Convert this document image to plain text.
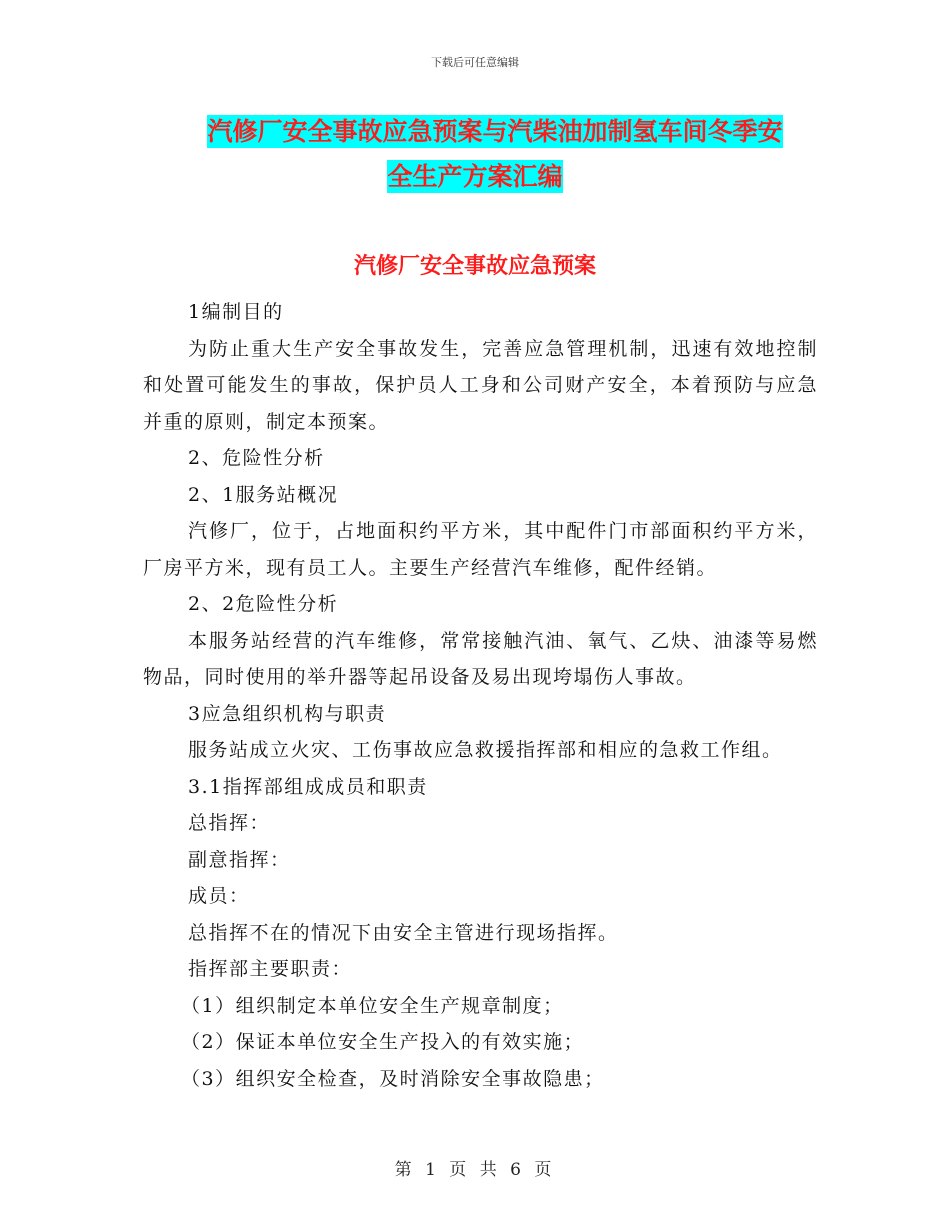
下载后可任意编辑
汽修厂安全事故应急预案与汽柴油加制氢车间冬季安
全生产方案汇编
汽修厂安全事故应急预案

1编制目的

为防止重大生产安全事故发生，完善应急管理机制，迅速有效地控制和处置可能发生的事故，保护员人工身和公司财产安全，本着预防与应急并重的原则，制定本预案。

2、危险性分析

2、1服务站概况

汽修厂，位于，占地面积约平方米，其中配件门市部面积约平方米，厂房平方米，现有员工人。主要生产经营汽车维修，配件经销。

2、2危险性分析

本服务站经营的汽车维修，常常接触汽油、氧气、乙炔、油漆等易燃物品，同时使用的举升器等起吊设备及易出现垮塌伤人事故。

3应急组织机构与职责

服务站成立火灾、工伤事故应急救援指挥部和相应的急救工作组。

3.1指挥部组成成员和职责

总指挥：

副意指挥：

成员：

总指挥不在的情况下由安全主管进行现场指挥。

指挥部主要职责：

（1）组织制定本单位安全生产规章制度；

（2）保证本单位安全生产投入的有效实施；

（3）组织安全检查，及时消除安全事故隐患；

第 1 页 共 6 页
